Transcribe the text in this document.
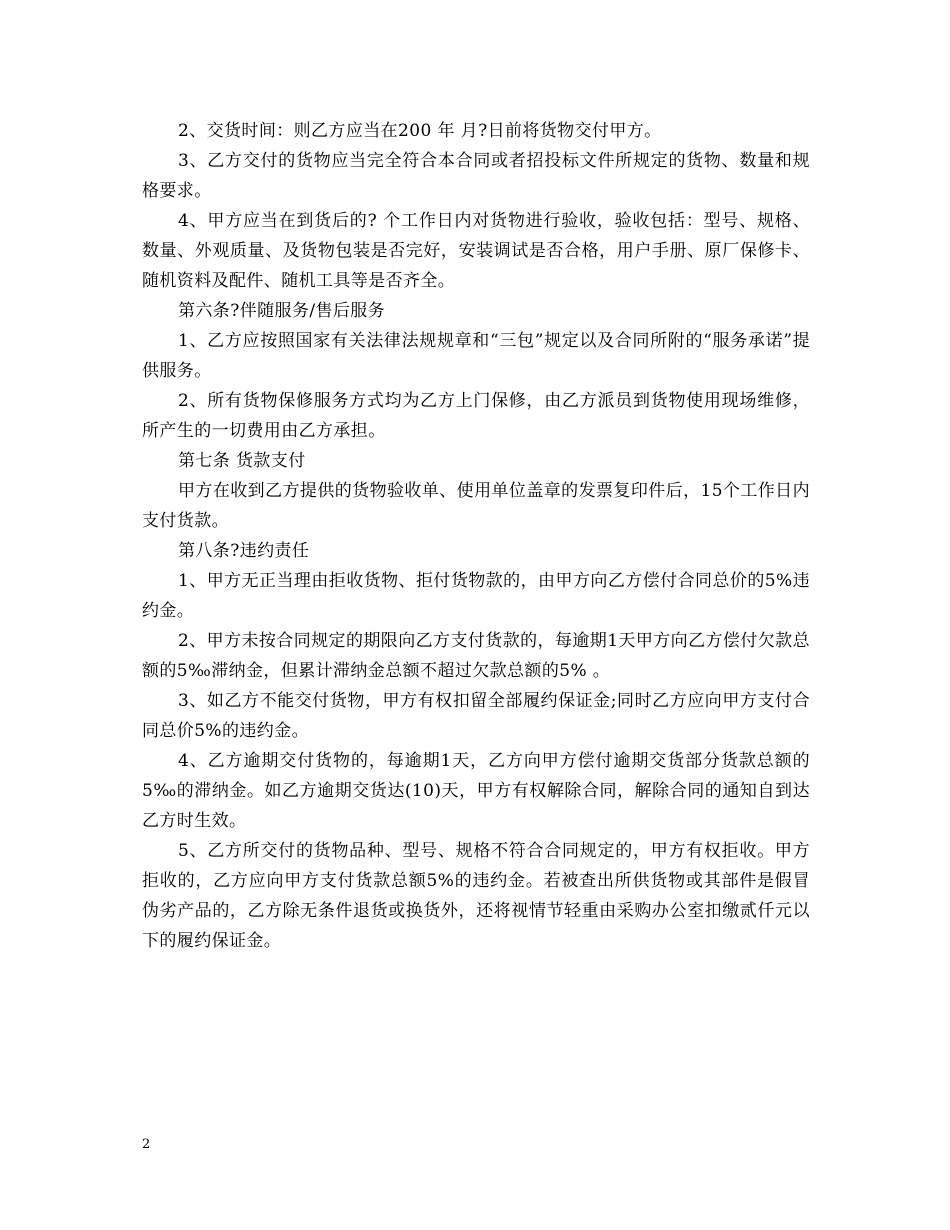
2、交货时间：则乙方应当在200 年 月?日前将货物交付甲方。

3、乙方交付的货物应当完全符合本合同或者招投标文件所规定的货物、数量和规格要求。

4、甲方应当在到货后的? 个工作日内对货物进行验收，验收包括：型号、规格、数量、外观质量、及货物包装是否完好，安装调试是否合格，用户手册、原厂保修卡、随机资料及配件、随机工具等是否齐全。

第六条?伴随服务/售后服务

1、乙方应按照国家有关法律法规规章和“三包”规定以及合同所附的“服务承诺”提供服务。

2、所有货物保修服务方式均为乙方上门保修，由乙方派员到货物使用现场维修，所产生的一切费用由乙方承担。

第七条 货款支付

甲方在收到乙方提供的货物验收单、使用单位盖章的发票复印件后，15个工作日内支付货款。

第八条?违约责任

1、甲方无正当理由拒收货物、拒付货物款的，由甲方向乙方偿付合同总价的5%违约金。

2、甲方未按合同规定的期限向乙方支付货款的，每逾期1天甲方向乙方偿付欠款总额的5‰滞纳金，但累计滞纳金总额不超过欠款总额的5% 。

3、如乙方不能交付货物，甲方有权扣留全部履约保证金;同时乙方应向甲方支付合同总价5%的违约金。

4、乙方逾期交付货物的，每逾期1天，乙方向甲方偿付逾期交货部分货款总额的5‰的滞纳金。如乙方逾期交货达(10)天，甲方有权解除合同，解除合同的通知自到达乙方时生效。

5、乙方所交付的货物品种、型号、规格不符合合同规定的，甲方有权拒收。甲方拒收的，乙方应向甲方支付货款总额5%的违约金。若被查出所供货物或其部件是假冒伪劣产品的，乙方除无条件退货或换货外，还将视情节轻重由采购办公室扣缴贰仟元以下的履约保证金。

2
